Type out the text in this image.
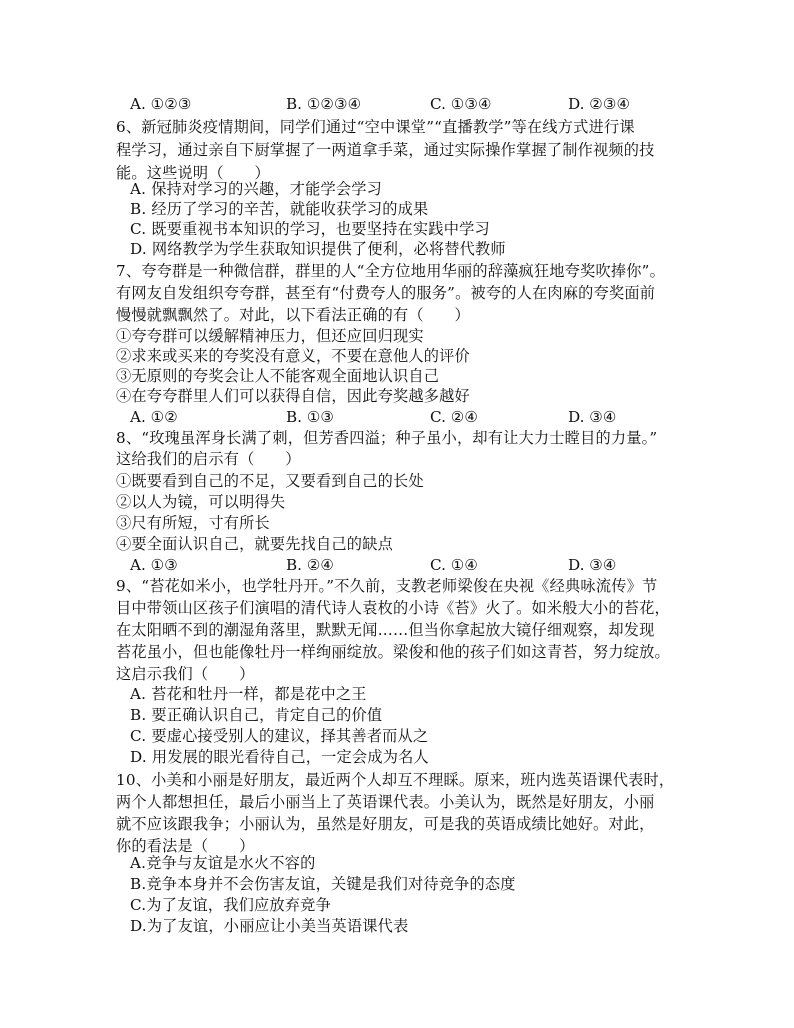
A. ①②③	B. ①②③④	C. ①③④	D. ②③④
6、新冠肺炎疫情期间，同学们通过“空中课堂”“直播教学”等在线方式进行课
程学习，通过亲自下厨掌握了一两道拿手菜，通过实际操作掌握了制作视频的技
能。这些说明（　　）
A. 保持对学习的兴趣，才能学会学习
B. 经历了学习的辛苦，就能收获学习的成果
C. 既要重视书本知识的学习，也要坚持在实践中学习
D. 网络教学为学生获取知识提供了便利，必将替代教师
7、夸夸群是一种微信群，群里的人“全方位地用华丽的辞藻疯狂地夸奖吹捧你”。
有网友自发组织夸夸群，甚至有“付费夸人的服务”。被夸的人在肉麻的夸奖面前
慢慢就飘飘然了。对此，以下看法正确的有（　　）
①夸夸群可以缓解精神压力，但还应回归现实
②求来或买来的夸奖没有意义，不要在意他人的评价
③无原则的夸奖会让人不能客观全面地认识自己
④在夸夸群里人们可以获得自信，因此夸奖越多越好
A. ①②	B. ①③	C. ②④	D. ③④
8、“玫瑰虽浑身长满了刺，但芳香四溢；种子虽小，却有让大力士瞠目的力量。”
这给我们的启示有（　　）
①既要看到自己的不足，又要看到自己的长处
②以人为镜，可以明得失
③尺有所短，寸有所长
④要全面认识自己，就要先找自己的缺点
A. ①③	B. ②④	C. ①④	D. ③④
9、“苔花如米小，也学牡丹开。”不久前，支教老师梁俊在央视《经典咏流传》节
目中带领山区孩子们演唱的清代诗人袁枚的小诗《苔》火了。如米般大小的苔花，
在太阳晒不到的潮湿角落里，默默无闻……但当你拿起放大镜仔细观察，却发现
苔花虽小，但也能像牡丹一样绚丽绽放。梁俊和他的孩子们如这青苔，努力绽放。
这启示我们（　　）
A. 苔花和牡丹一样，都是花中之王
B. 要正确认识自己，肯定自己的价值
C. 要虚心接受别人的建议，择其善者而从之
D. 用发展的眼光看待自己，一定会成为名人
10、小美和小丽是好朋友，最近两个人却互不理睬。原来，班内选英语课代表时，
两个人都想担任，最后小丽当上了英语课代表。小美认为，既然是好朋友，小丽
就不应该跟我争；小丽认为，虽然是好朋友，可是我的英语成绩比她好。对此，
你的看法是（　　）
A.竞争与友谊是水火不容的
B.竞争本身并不会伤害友谊，关键是我们对待竞争的态度
C.为了友谊，我们应放弃竞争
D.为了友谊，小丽应让小美当英语课代表
